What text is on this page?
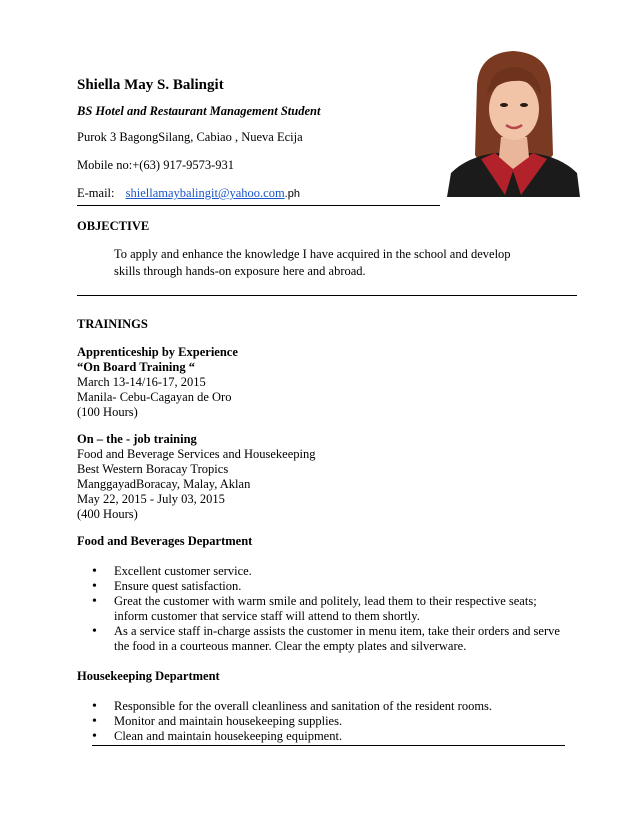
Shiella May S. Balingit
BS Hotel and Restaurant Management Student
Purok 3 BagongSilang, Cabiao , Nueva Ecija
Mobile no:+(63) 917-9573-931
E-mail: shiellamaybalingit@yahoo.com.ph
OBJECTIVE
To apply and enhance the knowledge I have acquired in the school and develop
skills through hands-on exposure here and abroad.
TRAININGS
Apprenticeship by Experience
“On Board Training “
March 13-14/16-17, 2015
Manila- Cebu-Cagayan de Oro
(100 Hours)
On – the - job training
Food and Beverage Services and Housekeeping
Best Western Boracay Tropics
ManggayadBoracay, Malay, Aklan
May 22, 2015 - July 03, 2015
(400 Hours)
Food and Beverages Department
• Excellent customer service.
• Ensure quest satisfaction.
• Great the customer with warm smile and politely, lead them to their respective seats; inform customer that service staff will attend to them shortly.
• As a service staff in-charge assists the customer in menu item, take their orders and serve the food in a courteous manner. Clear the empty plates and silverware.
Housekeeping Department
• Responsible for the overall cleanliness and sanitation of the resident rooms.
• Monitor and maintain housekeeping supplies.
• Clean and maintain housekeeping equipment.
